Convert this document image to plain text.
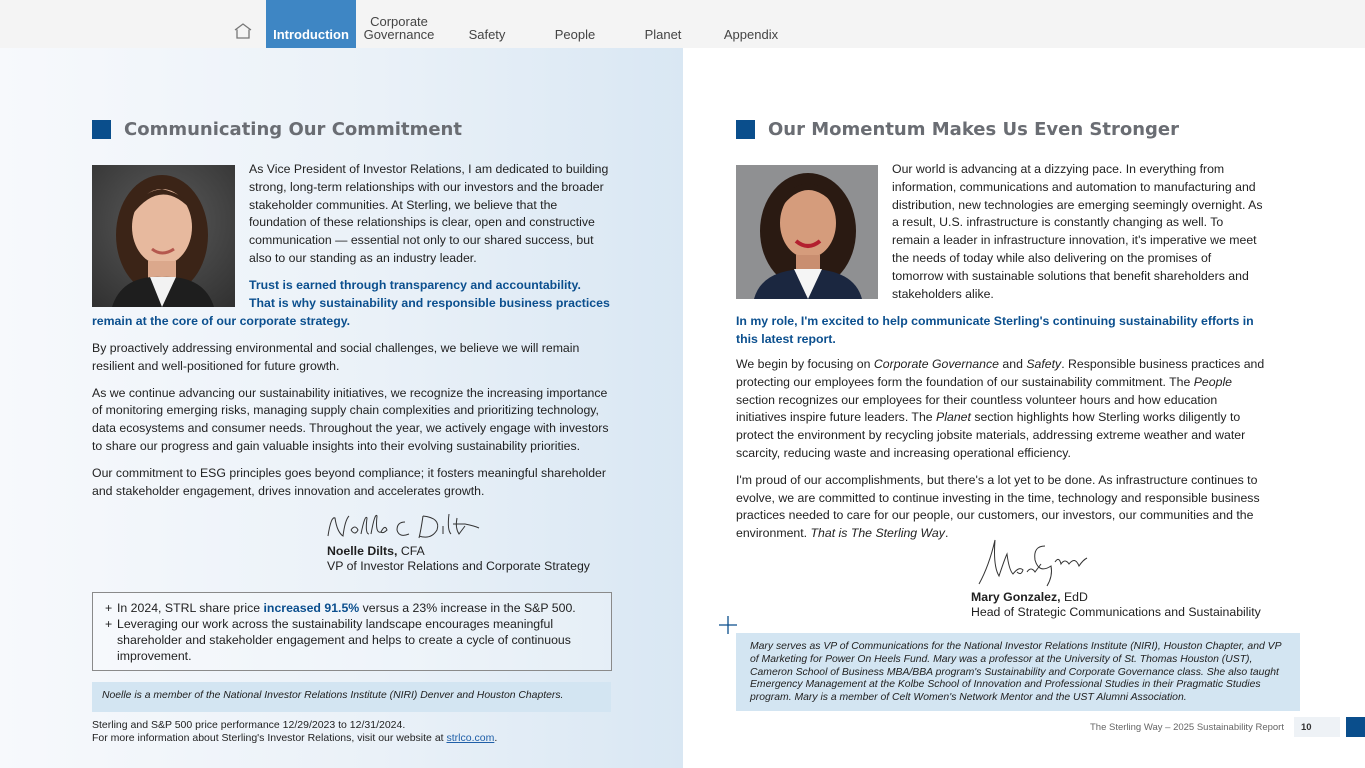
Introduction
Corporate
Governance	Safety	People	Planet	Appendix
Communicating Our Commitment
As Vice President of Investor Relations, I am dedicated to building strong, long-term relationships with our investors and the broader stakeholder communities. At Sterling, we believe that the foundation of these relationships is clear, open and constructive communication — essential not only to our shared success, but also to our standing as an industry leader.
Trust is earned through transparency and accountability.
That is why sustainability and responsible business practices
remain at the core of our corporate strategy.
By proactively addressing environmental and social challenges, we believe we will remain resilient and well-positioned for future growth.
As we continue advancing our sustainability initiatives, we recognize the increasing importance of monitoring emerging risks, managing supply chain complexities and prioritizing technology, data ecosystems and consumer needs. Throughout the year, we actively engage with investors to share our progress and gain valuable insights into their evolving sustainability priorities.
Our commitment to ESG principles goes beyond compliance; it fosters meaningful shareholder and stakeholder engagement, drives innovation and accelerates growth.
Noelle Dilts, CFA
VP of Investor Relations and Corporate Strategy
+ In 2024, STRL share price increased 91.5% versus a 23% increase in the S&P 500.
+ Leveraging our work across the sustainability landscape encourages meaningful shareholder and stakeholder engagement and helps to create a cycle of continuous improvement.
Noelle is a member of the National Investor Relations Institute (NIRI) Denver and Houston Chapters.
Sterling and S&P 500 price performance 12/29/2023 to 12/31/2024.
For more information about Sterling's Investor Relations, visit our website at strlco.com.
Our Momentum Makes Us Even Stronger
Our world is advancing at a dizzying pace. In everything from information, communications and automation to manufacturing and distribution, new technologies are emerging seemingly overnight. As a result, U.S. infrastructure is constantly changing as well. To remain a leader in infrastructure innovation, it's imperative we meet the needs of today while also delivering on the promises of tomorrow with sustainable solutions that benefit shareholders and stakeholders alike.
In my role, I'm excited to help communicate Sterling's continuing sustainability efforts in this latest report.
We begin by focusing on Corporate Governance and Safety. Responsible business practices and protecting our employees form the foundation of our sustainability commitment. The People section recognizes our employees for their countless volunteer hours and how education initiatives inspire future leaders. The Planet section highlights how Sterling works diligently to protect the environment by recycling jobsite materials, addressing extreme weather and water scarcity, reducing waste and increasing operational efficiency.
I'm proud of our accomplishments, but there's a lot yet to be done. As infrastructure continues to evolve, we are committed to continue investing in the time, technology and responsible business practices needed to care for our people, our customers, our investors, our communities and the environment. That is The Sterling Way.
Mary Gonzalez, EdD
Head of Strategic Communications and Sustainability
Mary serves as VP of Communications for the National Investor Relations Institute (NIRI), Houston Chapter, and VP of Marketing for Power On Heels Fund. Mary was a professor at the University of St. Thomas Houston (UST), Cameron School of Business MBA/BBA program's Sustainability and Corporate Governance class. She also taught Emergency Management at the Kolbe School of Innovation and Professional Studies in their Pragmatic Studies program. Mary is a member of Celt Women's Network Mentor and the UST Alumni Association.
The Sterling Way – 2025 Sustainability Report	10
